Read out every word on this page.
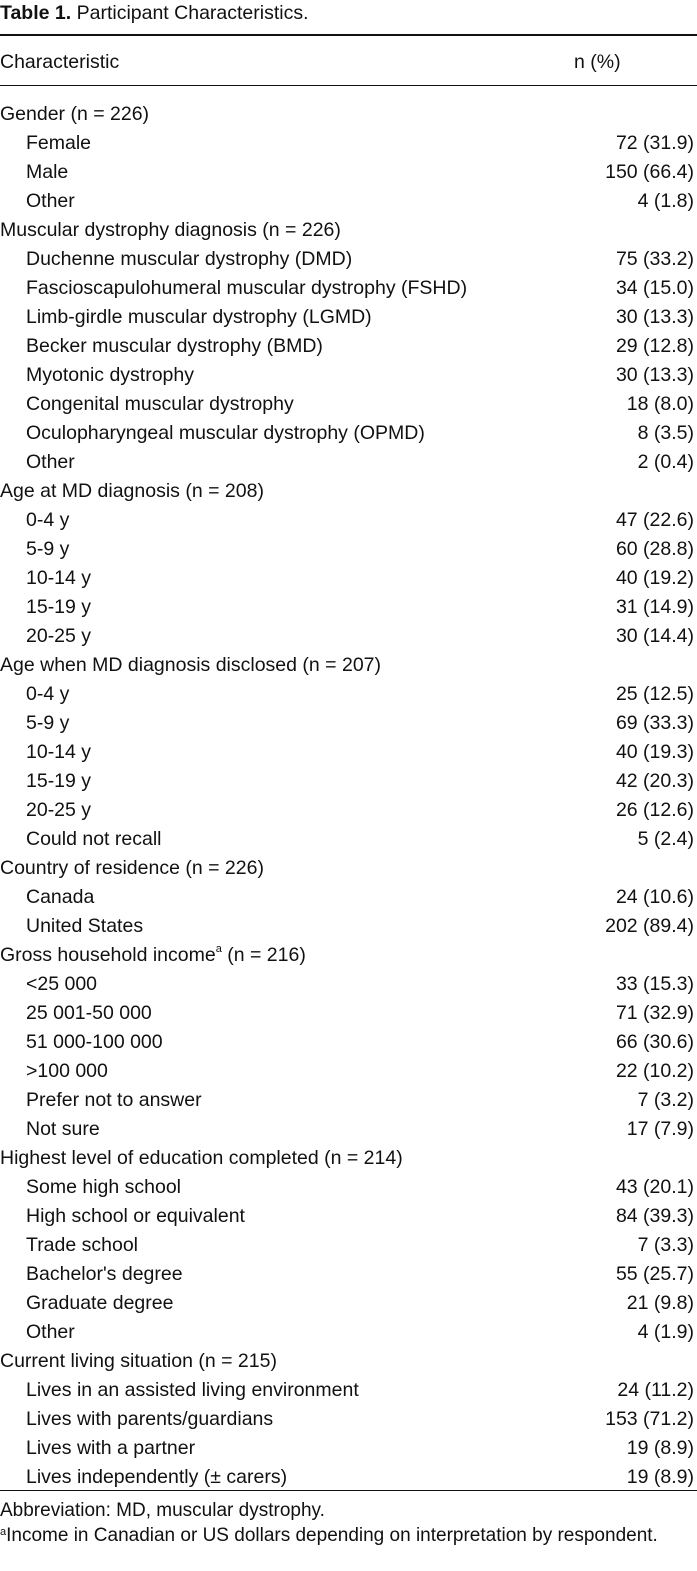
Table 1. Participant Characteristics.
Characteristic	n (%)
Gender (n = 226)
Female	72 (31.9)
Male	150 (66.4)
Other	4 (1.8)
Muscular dystrophy diagnosis (n = 226)
Duchenne muscular dystrophy (DMD)	75 (33.2)
Fascioscapulohumeral muscular dystrophy (FSHD)	34 (15.0)
Limb-girdle muscular dystrophy (LGMD)	30 (13.3)
Becker muscular dystrophy (BMD)	29 (12.8)
Myotonic dystrophy	30 (13.3)
Congenital muscular dystrophy	18 (8.0)
Oculopharyngeal muscular dystrophy (OPMD)	8 (3.5)
Other	2 (0.4)
Age at MD diagnosis (n = 208)
0-4 y	47 (22.6)
5-9 y	60 (28.8)
10-14 y	40 (19.2)
15-19 y	31 (14.9)
20-25 y	30 (14.4)
Age when MD diagnosis disclosed (n = 207)
0-4 y	25 (12.5)
5-9 y	69 (33.3)
10-14 y	40 (19.3)
15-19 y	42 (20.3)
20-25 y	26 (12.6)
Could not recall	5 (2.4)
Country of residence (n = 226)
Canada	24 (10.6)
United States	202 (89.4)
Gross household income$^a$ (n = 216)
<25 000	33 (15.3)
25 001-50 000	71 (32.9)
51 000-100 000	66 (30.6)
>100 000	22 (10.2)
Prefer not to answer	7 (3.2)
Not sure	17 (7.9)
Highest level of education completed (n = 214)
Some high school	43 (20.1)
High school or equivalent	84 (39.3)
Trade school	7 (3.3)
Bachelor's degree	55 (25.7)
Graduate degree	21 (9.8)
Other	4 (1.9)
Current living situation (n = 215)
Lives in an assisted living environment	24 (11.2)
Lives with parents/guardians	153 (71.2)
Lives with a partner	19 (8.9)
Lives independently (± carers)	19 (8.9)
Abbreviation: MD, muscular dystrophy.
$^a$Income in Canadian or US dollars depending on interpretation by respondent.
